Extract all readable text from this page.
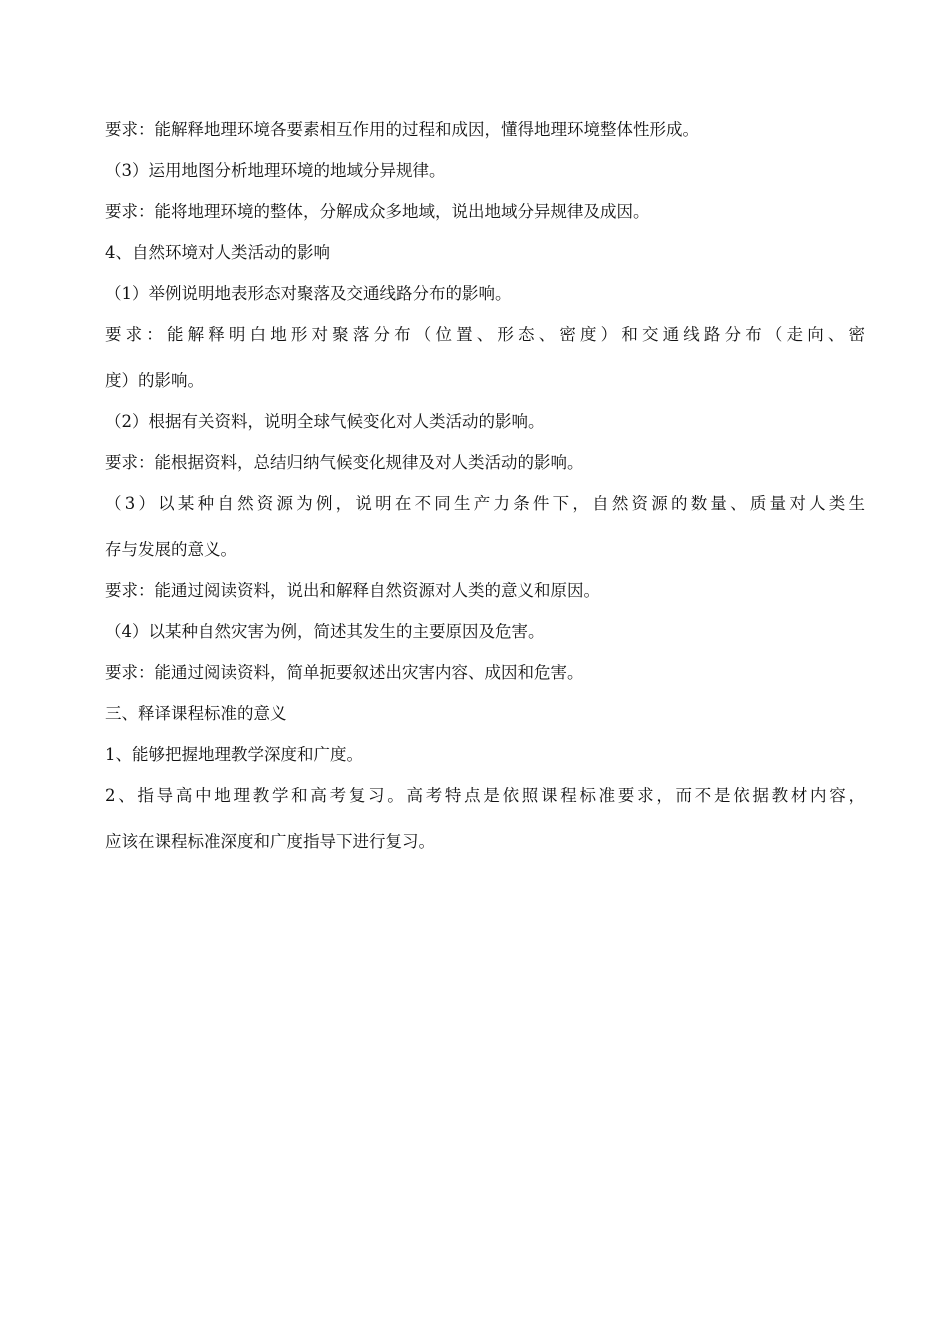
要求：能解释地理环境各要素相互作用的过程和成因，懂得地理环境整体性形成。

（3）运用地图分析地理环境的地域分异规律。

要求：能将地理环境的整体，分解成众多地域，说出地域分异规律及成因。

4、自然环境对人类活动的影响

（1）举例说明地表形态对聚落及交通线路分布的影响。

要求：能解释明白地形对聚落分布（位置、形态、密度）和交通线路分布（走向、密

度）的影响。

（2）根据有关资料，说明全球气候变化对人类活动的影响。

要求：能根据资料，总结归纳气候变化规律及对人类活动的影响。

（3）以某种自然资源为例，说明在不同生产力条件下，自然资源的数量、质量对人类生

存与发展的意义。

要求：能通过阅读资料，说出和解释自然资源对人类的意义和原因。

（4）以某种自然灾害为例，简述其发生的主要原因及危害。

要求：能通过阅读资料，简单扼要叙述出灾害内容、成因和危害。

三、释译课程标准的意义

1、能够把握地理教学深度和广度。

2、指导高中地理教学和高考复习。高考特点是依照课程标准要求，而不是依据教材内容，

应该在课程标准深度和广度指导下进行复习。
